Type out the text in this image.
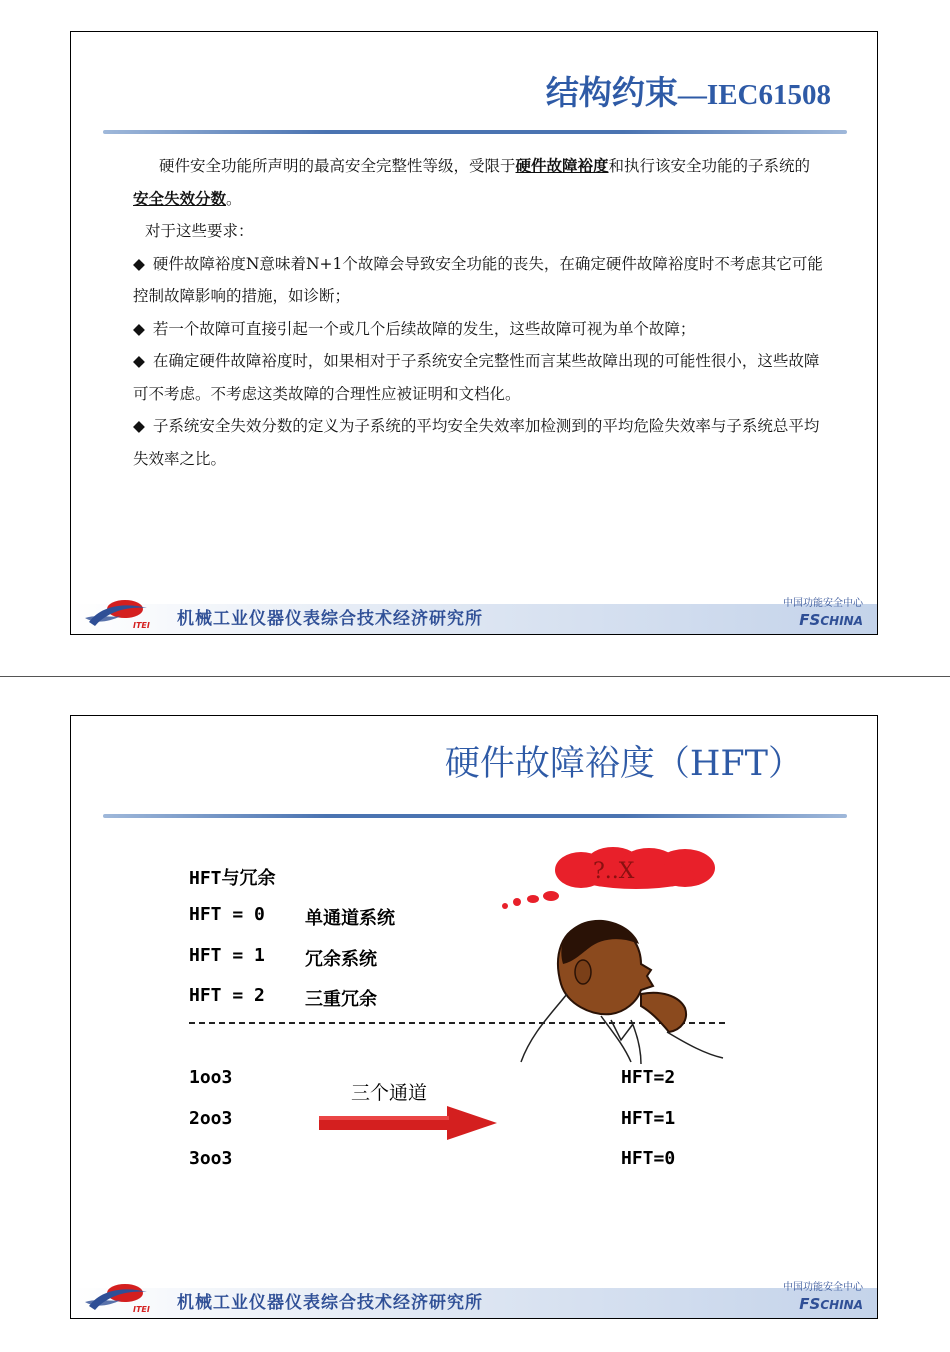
结构约束—IEC61508

硬件安全功能所声明的最高安全完整性等级，受限于硬件故障裕度和执行该安全功能的子系统的安全失效分数。

对于这些要求：

◆ 硬件故障裕度N意味着N+1个故障会导致安全功能的丧失，在确定硬件故障裕度时不考虑其它可能控制故障影响的措施，如诊断；

◆ 若一个故障可直接引起一个或几个后续故障的发生，这些故障可视为单个故障；

◆ 在确定硬件故障裕度时，如果相对于子系统安全完整性而言某些故障出现的可能性很小，这些故障可不考虑。不考虑这类故障的合理性应被证明和文档化。

◆ 子系统安全失效分数的定义为子系统的平均安全失效率加检测到的平均危险失效率与子系统总平均失效率之比。

ITEI 机械工业仪器仪表综合技术经济研究所
中国功能安全中心
FSCHINA
硬件故障裕度（HFT）
HFT与冗余
HFT = 0 单通道系统
HFT = 1 冗余系统
HFT = 2 三重冗余
1oo3
2oo3
3oo3
HFT=2
HFT=1
HFT=0
三个通道
?..X
ITEI 机械工业仪器仪表综合技术经济研究所
中国功能安全中心
FSCHINA
